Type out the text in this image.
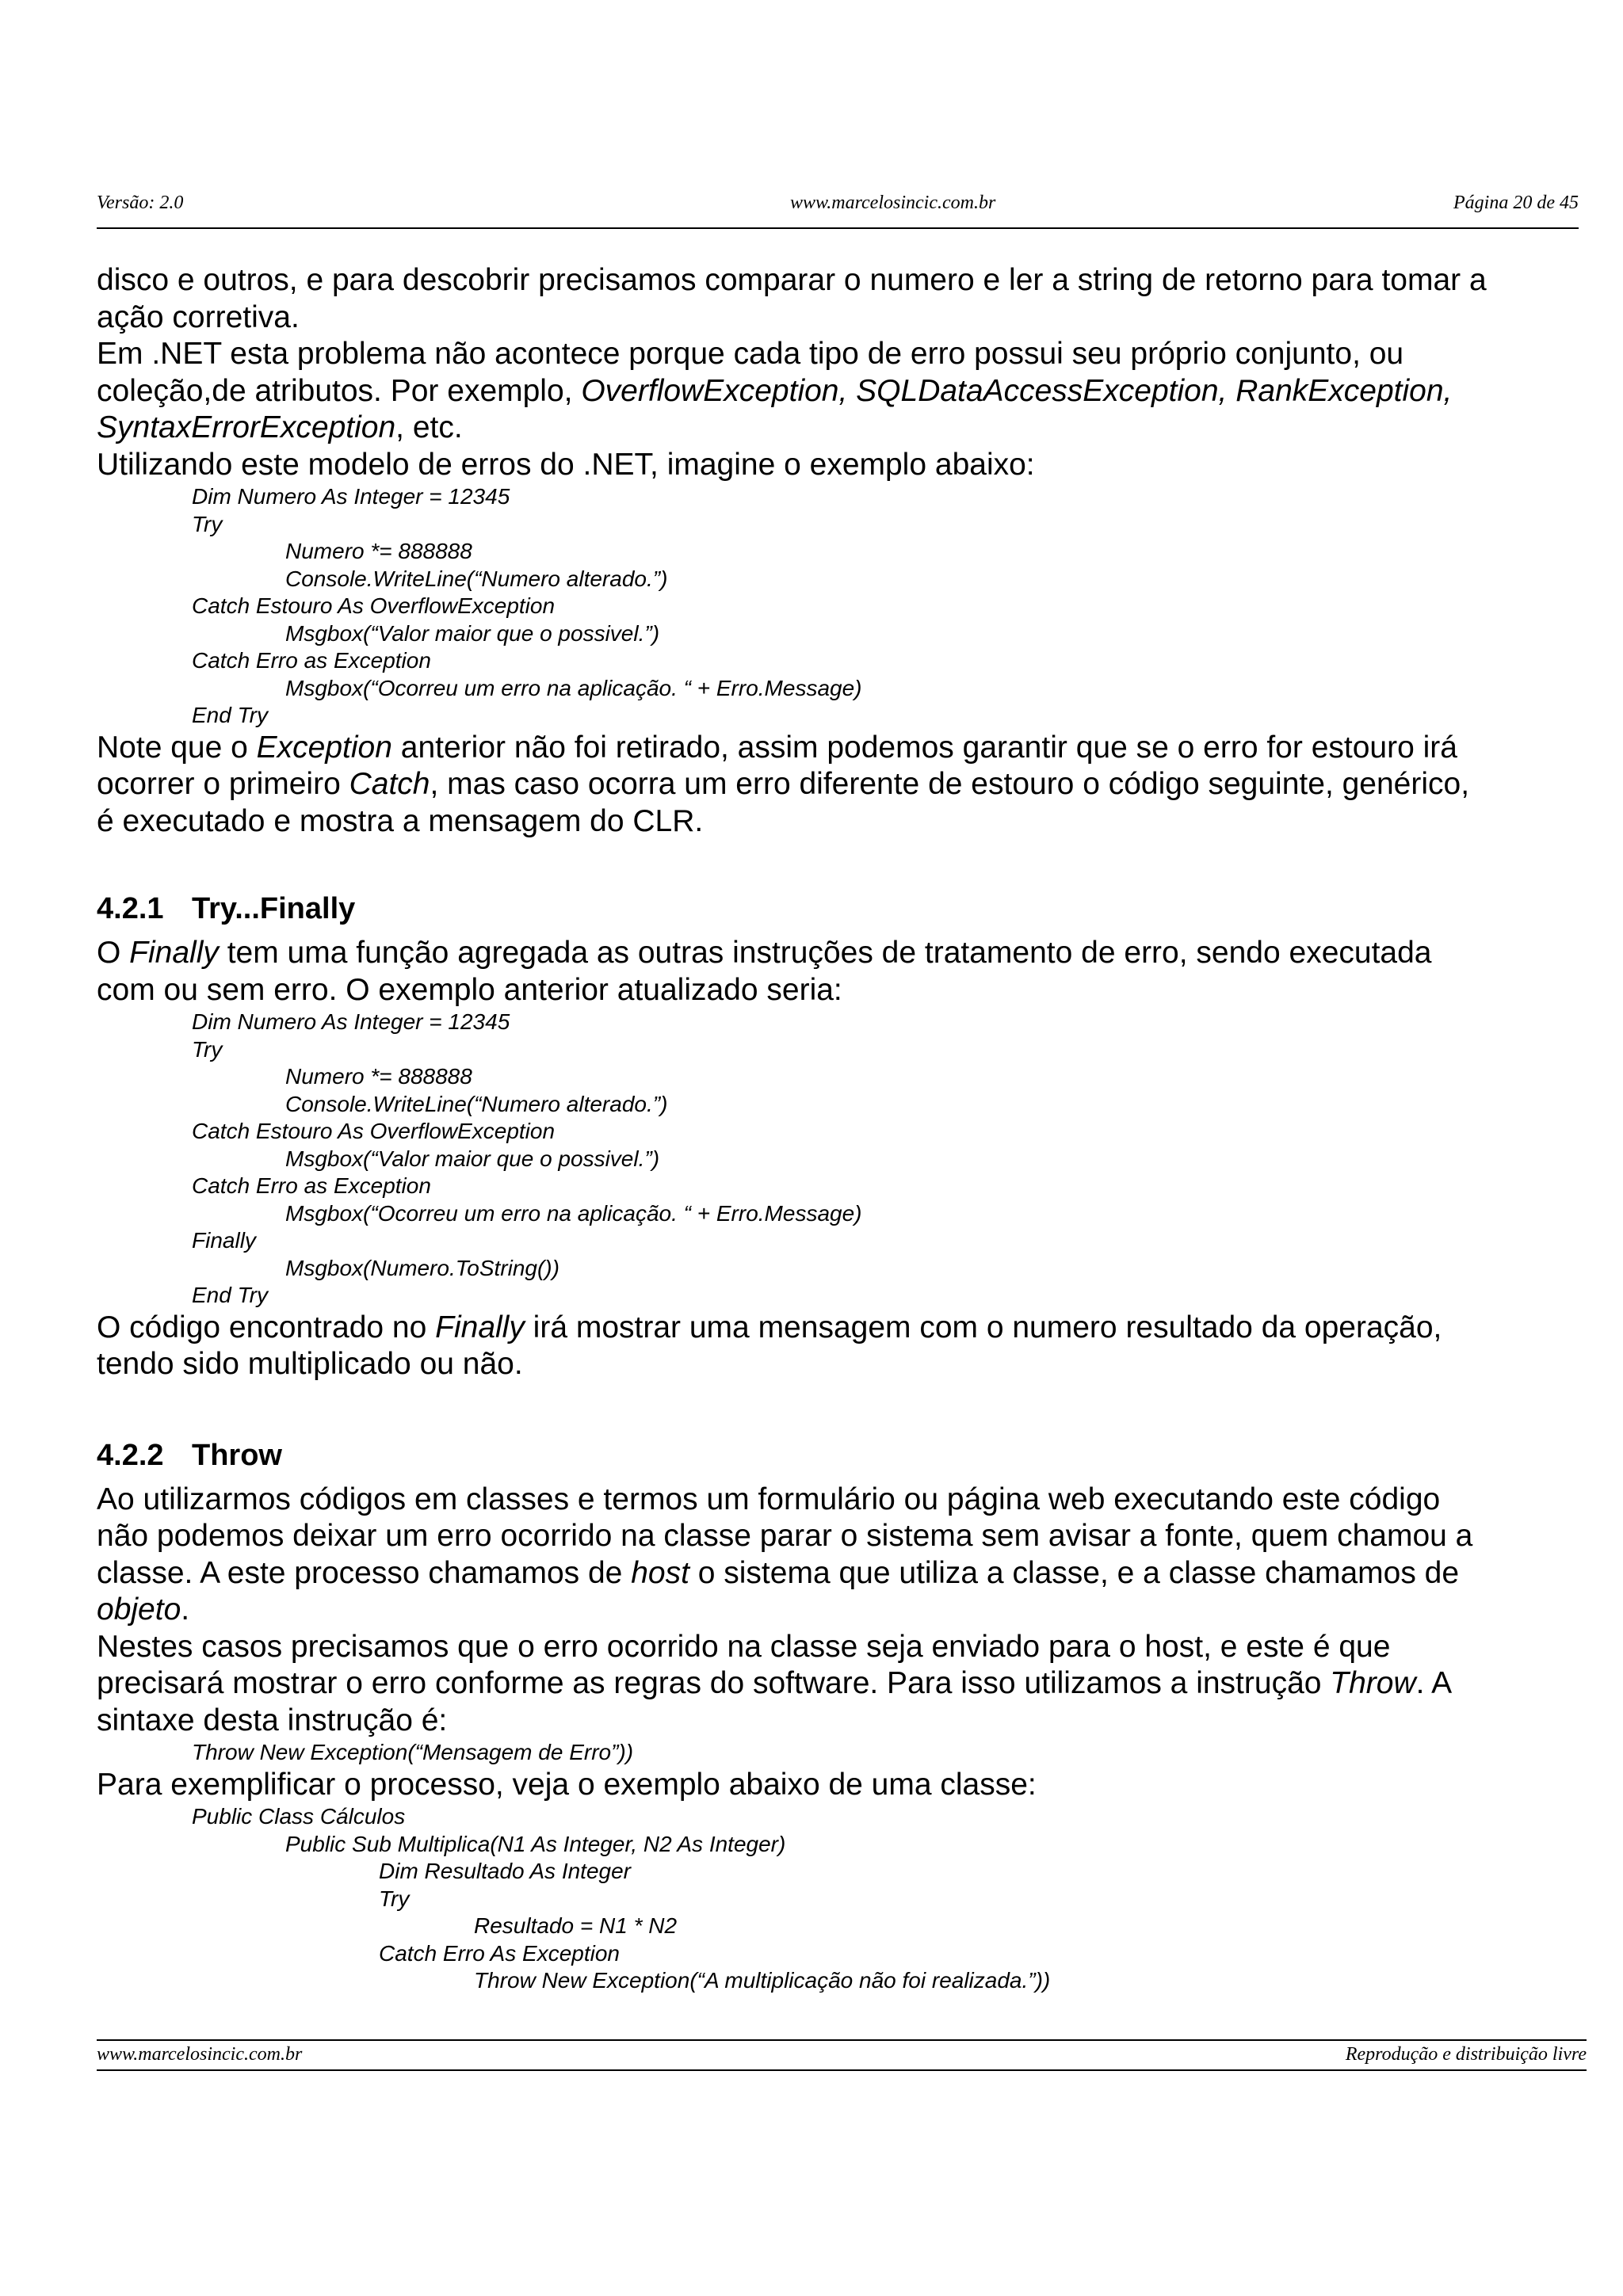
Versão: 2.0	www.marcelosincic.com.br	Página 20 de 45
disco e outros, e para descobrir precisamos comparar o numero e ler a string de retorno para tomar a
ação corretiva.
Em .NET esta problema não acontece porque cada tipo de erro possui seu próprio conjunto, ou
coleção,de atributos. Por exemplo, OverflowException, SQLDataAccessException, RankException,
SyntaxErrorException, etc.
Utilizando este modelo de erros do .NET, imagine o exemplo abaixo:
Dim Numero As Integer = 12345
Try
Numero *= 888888
Console.WriteLine(“Numero alterado.”)
Catch Estouro As OverflowException
Msgbox(“Valor maior que o possivel.”)
Catch Erro as Exception
Msgbox(“Ocorreu um erro na aplicação. “ + Erro.Message)
End Try
Note que o Exception anterior não foi retirado, assim podemos garantir que se o erro for estouro irá
ocorrer o primeiro Catch, mas caso ocorra um erro diferente de estouro o código seguinte, genérico,
é executado e mostra a mensagem do CLR.
4.2.1 Try...Finally
O Finally tem uma função agregada as outras instruções de tratamento de erro, sendo executada
com ou sem erro. O exemplo anterior atualizado seria:
Dim Numero As Integer = 12345
Try
Numero *= 888888
Console.WriteLine(“Numero alterado.”)
Catch Estouro As OverflowException
Msgbox(“Valor maior que o possivel.”)
Catch Erro as Exception
Msgbox(“Ocorreu um erro na aplicação. “ + Erro.Message)
Finally
Msgbox(Numero.ToString())
End Try
O código encontrado no Finally irá mostrar uma mensagem com o numero resultado da operação,
tendo sido multiplicado ou não.
4.2.2 Throw
Ao utilizarmos códigos em classes e termos um formulário ou página web executando este código
não podemos deixar um erro ocorrido na classe parar o sistema sem avisar a fonte, quem chamou a
classe. A este processo chamamos de host o sistema que utiliza a classe, e a classe chamamos de
objeto.
Nestes casos precisamos que o erro ocorrido na classe seja enviado para o host, e este é que
precisará mostrar o erro conforme as regras do software. Para isso utilizamos a instrução Throw. A
sintaxe desta instrução é:
Throw New Exception(“Mensagem de Erro”))
Para exemplificar o processo, veja o exemplo abaixo de uma classe:
Public Class Cálculos
Public Sub Multiplica(N1 As Integer, N2 As Integer)
Dim Resultado As Integer
Try
Resultado = N1 * N2
Catch Erro As Exception
Throw New Exception(“A multiplicação não foi realizada.”))
www.marcelosincic.com.br	Reprodução e distribuição livre
